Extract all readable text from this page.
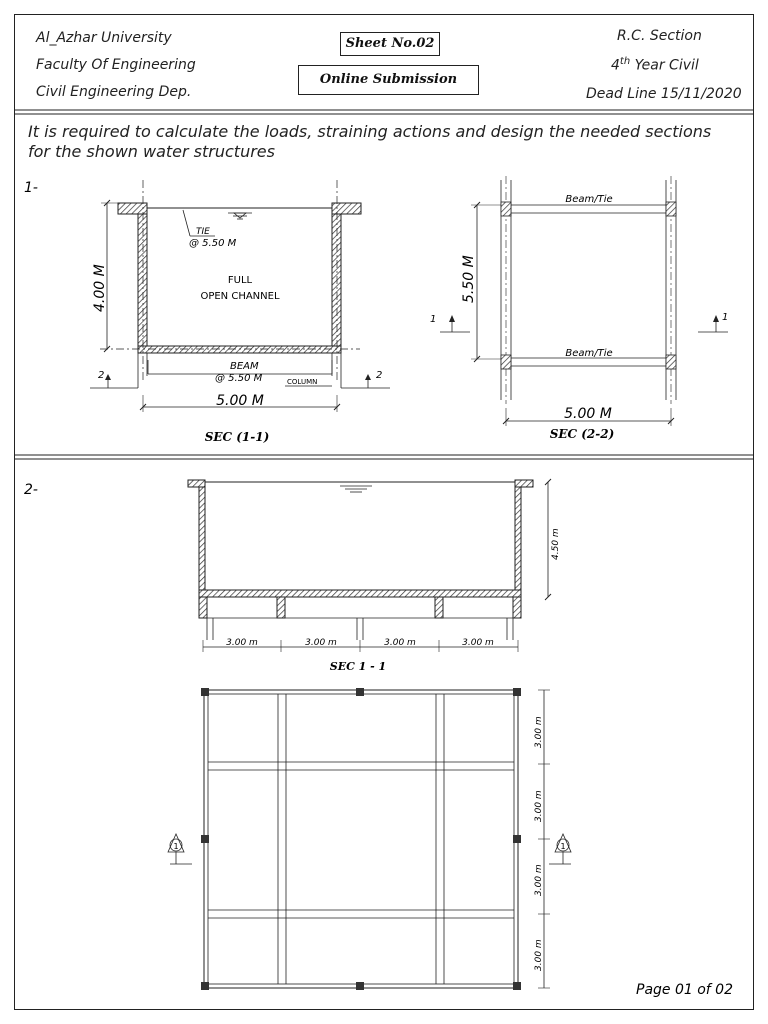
Al_Azhar University
Faculty Of Engineering
Civil Engineering Dep.
Sheet No.02
Online Submission
R.C. Section
4th Year Civil
Dead Line 15/11/2020
It is required to calculate the loads, straining actions and design the needed sections
for the shown water structures
1-
TIE
@ 5.50 M
FULL
OPEN CHANNEL
4.00 M
BEAM
@ 5.50 M	COLUMN
2	2
5.00 M
SEC (1-1)
Beam/Tie
Beam/Tie
5.50 M
1	1
5.00 M
SEC (2-2)
2-
4.50 m
3.00 m	3.00 m	3.00 m	3.00 m
SEC 1 - 1
1	1
3.00 m
3.00 m
3.00 m
3.00 m
Page 01 of 02
